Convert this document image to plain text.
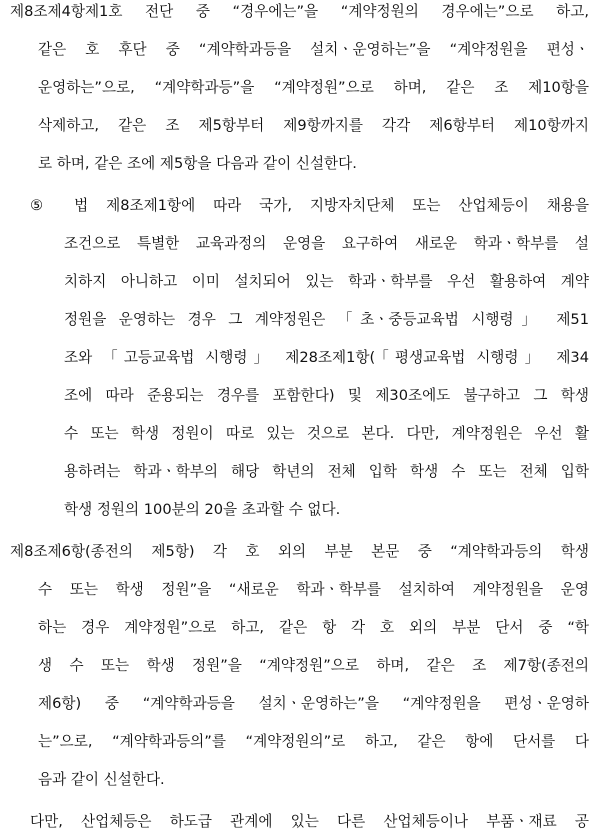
제8조제4항제1호 전단 중 “경우에는”을 “계약정원의 경우에는”으로 하고,

같은 호 후단 중 “계약학과등을 설치ㆍ운영하는”을 “계약정원을 편성ㆍ

운영하는”으로, “계약학과등”을 “계약정원”으로 하며, 같은 조 제10항을

삭제하고, 같은 조 제5항부터 제9항까지를 각각 제6항부터 제10항까지

로 하며, 같은 조에 제5항을 다음과 같이 신설한다.

⑤ 법 제8조제1항에 따라 국가, 지방자치단체 또는 산업체등이 채용을

조건으로 특별한 교육과정의 운영을 요구하여 새로운 학과ㆍ학부를 설

치하지 아니하고 이미 설치되어 있는 학과ㆍ학부를 우선 활용하여 계약

정원을 운영하는 경우 그 계약정원은 「초ㆍ중등교육법 시행령」 제51

조와 「고등교육법 시행령」 제28조제1항(「평생교육법 시행령」 제34

조에 따라 준용되는 경우를 포함한다) 및 제30조에도 불구하고 그 학생

수 또는 학생 정원이 따로 있는 것으로 본다. 다만, 계약정원은 우선 활

용하려는 학과ㆍ학부의 해당 학년의 전체 입학 학생 수 또는 전체 입학

학생 정원의 100분의 20을 초과할 수 없다.

제8조제6항(종전의 제5항) 각 호 외의 부분 본문 중 “계약학과등의 학생

수 또는 학생 정원”을 “새로운 학과ㆍ학부를 설치하여 계약정원을 운영

하는 경우 계약정원”으로 하고, 같은 항 각 호 외의 부분 단서 중 “학

생 수 또는 학생 정원”을 “계약정원”으로 하며, 같은 조 제7항(종전의

제6항) 중 “계약학과등을 설치ㆍ운영하는”을 “계약정원을 편성ㆍ운영하

는”으로, “계약학과등의”를 “계약정원의”로 하고, 같은 항에 단서를 다

음과 같이 신설한다.

다만, 산업체등은 하도급 관계에 있는 다른 산업체등이나 부품ㆍ재료 공
